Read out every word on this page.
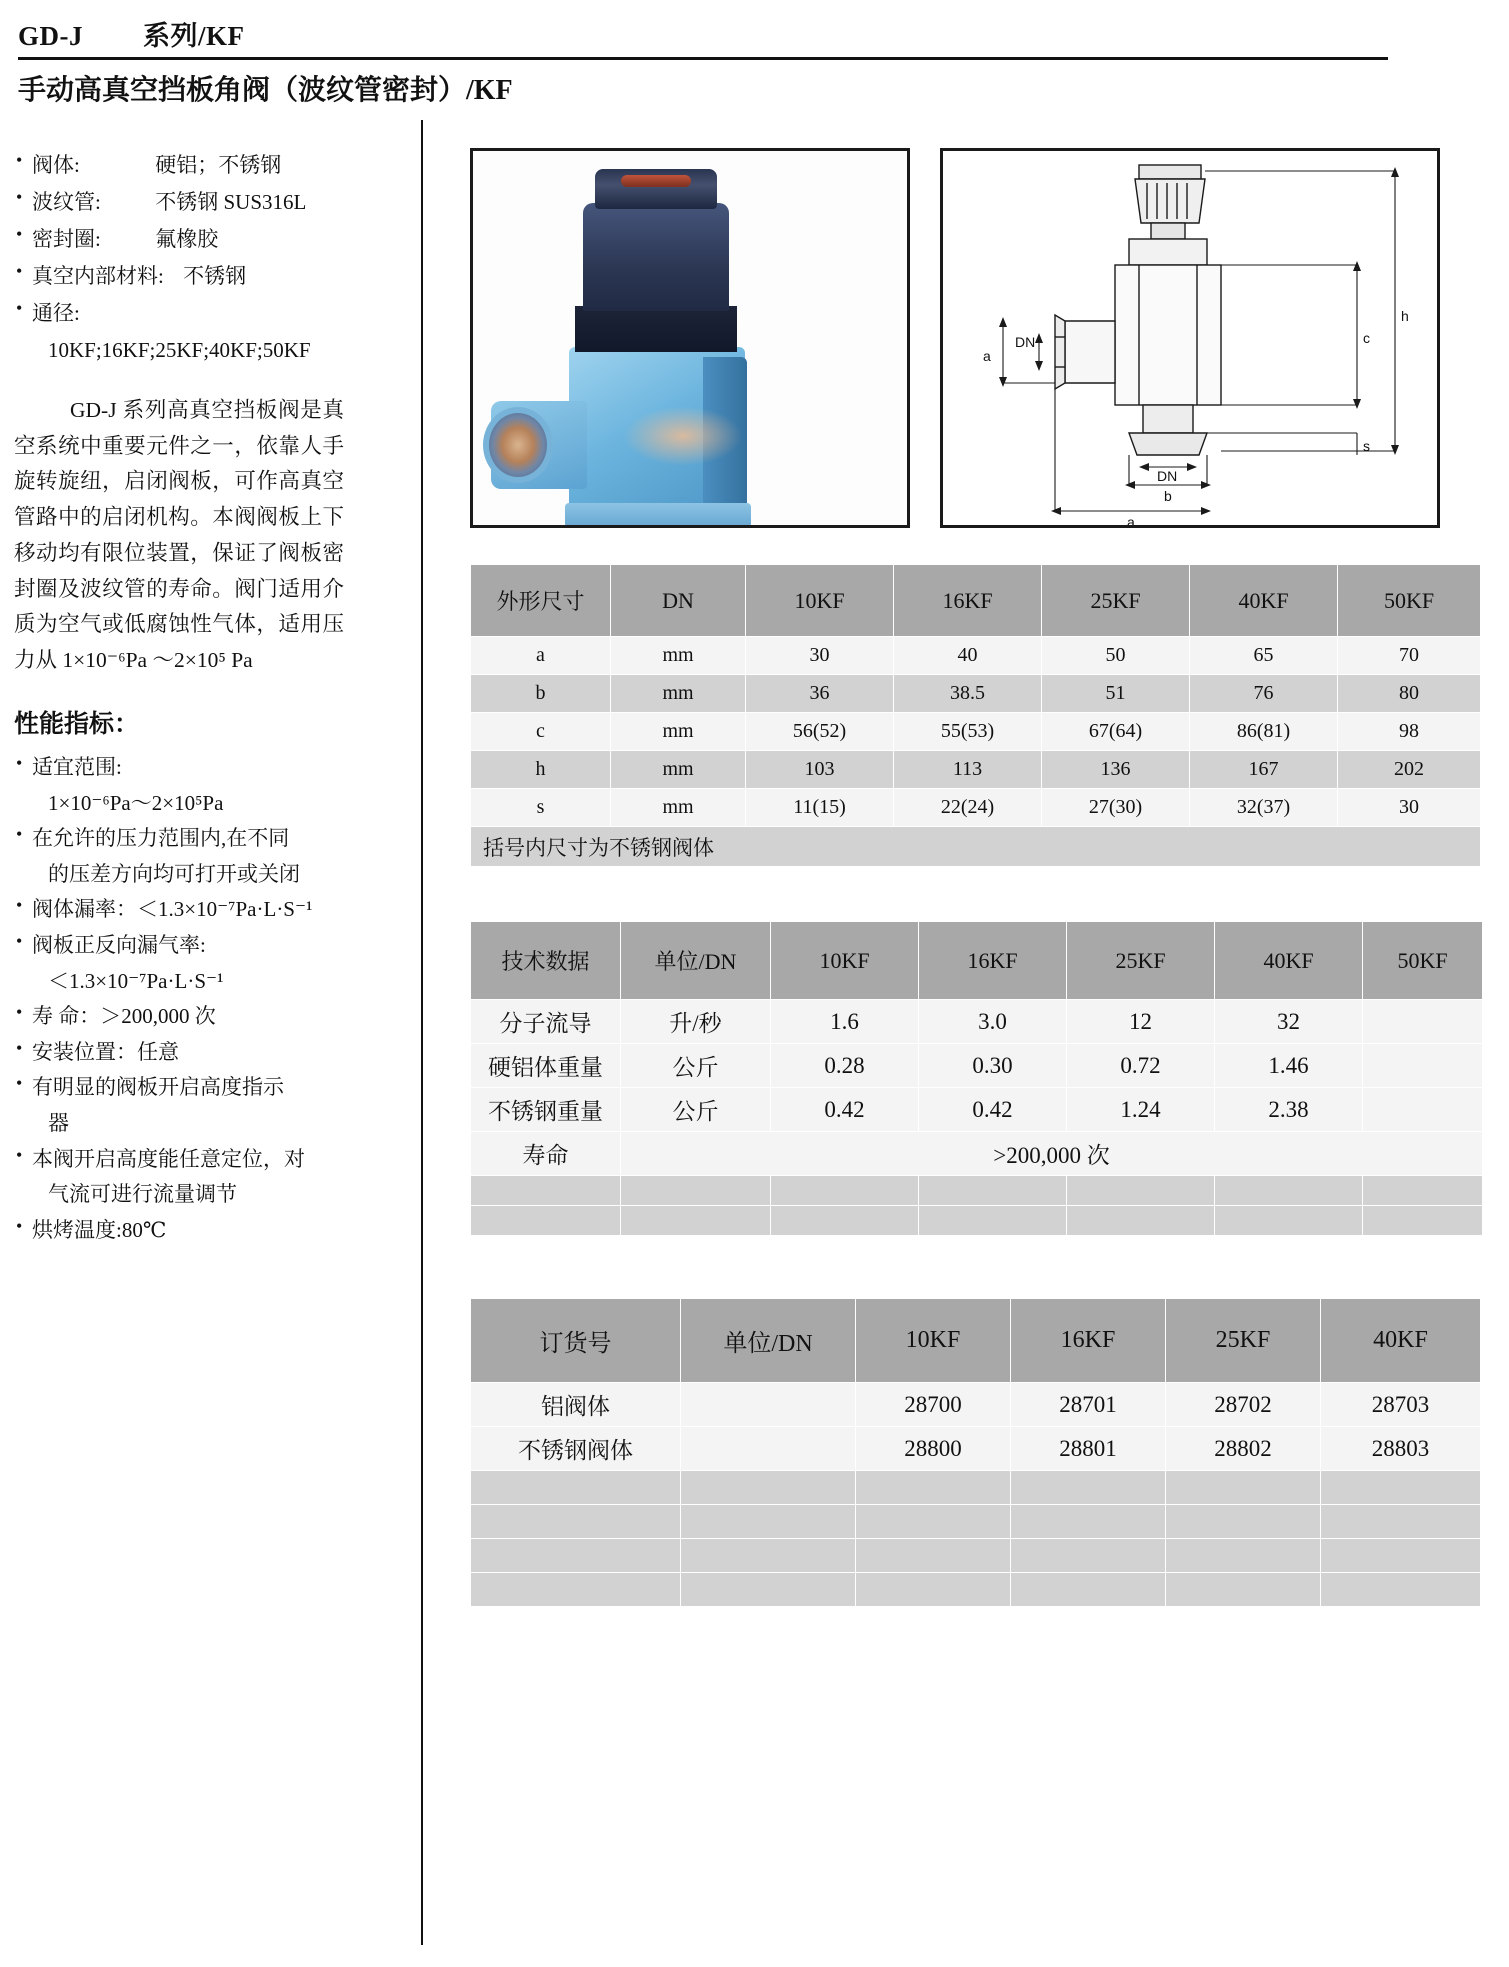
GD-J 系列/KF
手动高真空挡板角阀（波纹管密封）/KF
• 阀体:	硬铝；不锈钢
• 波纹管:	不锈钢 SUS316L
• 密封圈:	氟橡胶
• 真空内部材料: 不锈钢
• 通径:
10KF;16KF;25KF;40KF;50KF
GD-J 系列高真空挡板阀是真空系统中重要元件之一，依靠人手旋转旋纽，启闭阀板，可作高真空管路中的启闭机构。本阀阀板上下移动均有限位装置，保证了阀板密封圈及波纹管的寿命。阀门适用介质为空气或低腐蚀性气体，适用压力从 1×10⁻⁶Pa ～2×10⁵ Pa
性能指标：
• 适宜范围:
1×10⁻⁶Pa～2×10⁵Pa
• 在允许的压力范围内,在不同
的压差方向均可打开或关闭
• 阀体漏率：＜1.3×10⁻⁷Pa·L·S⁻¹
• 阀板正反向漏气率:
＜1.3×10⁻⁷Pa·L·S⁻¹
• 寿 命：＞200,000 次
• 安装位置：任意
• 有明显的阀板开启高度指示
器
• 本阀开启高度能任意定位，对
气流可进行流量调节
• 烘烤温度:80℃
DN
a
DN
b
a
c
h
s
外形尺寸	DN	10KF	16KF	25KF	40KF	50KF
a	mm	30	40	50	65	70
b	mm	36	38.5	51	76	80
c	mm	56(52)	55(53)	67(64)	86(81)	98
h	mm	103	113	136	167	202
s	mm	11(15)	22(24)	27(30)	32(37)	30
括号内尺寸为不锈钢阀体						
技术数据	单位/DN	10KF	16KF	25KF	40KF	50KF
分子流导	升/秒	1.6	3.0	12	32	
硬铝体重量	公斤	0.28	0.30	0.72	1.46	
不锈钢重量	公斤	0.42	0.42	1.24	2.38	
寿命	>200,000 次					

订货号	单位/DN	10KF	16KF	25KF	40KF
铝阀体		28700	28701	28702	28703
不锈钢阀体		28800	28801	28802	28803
